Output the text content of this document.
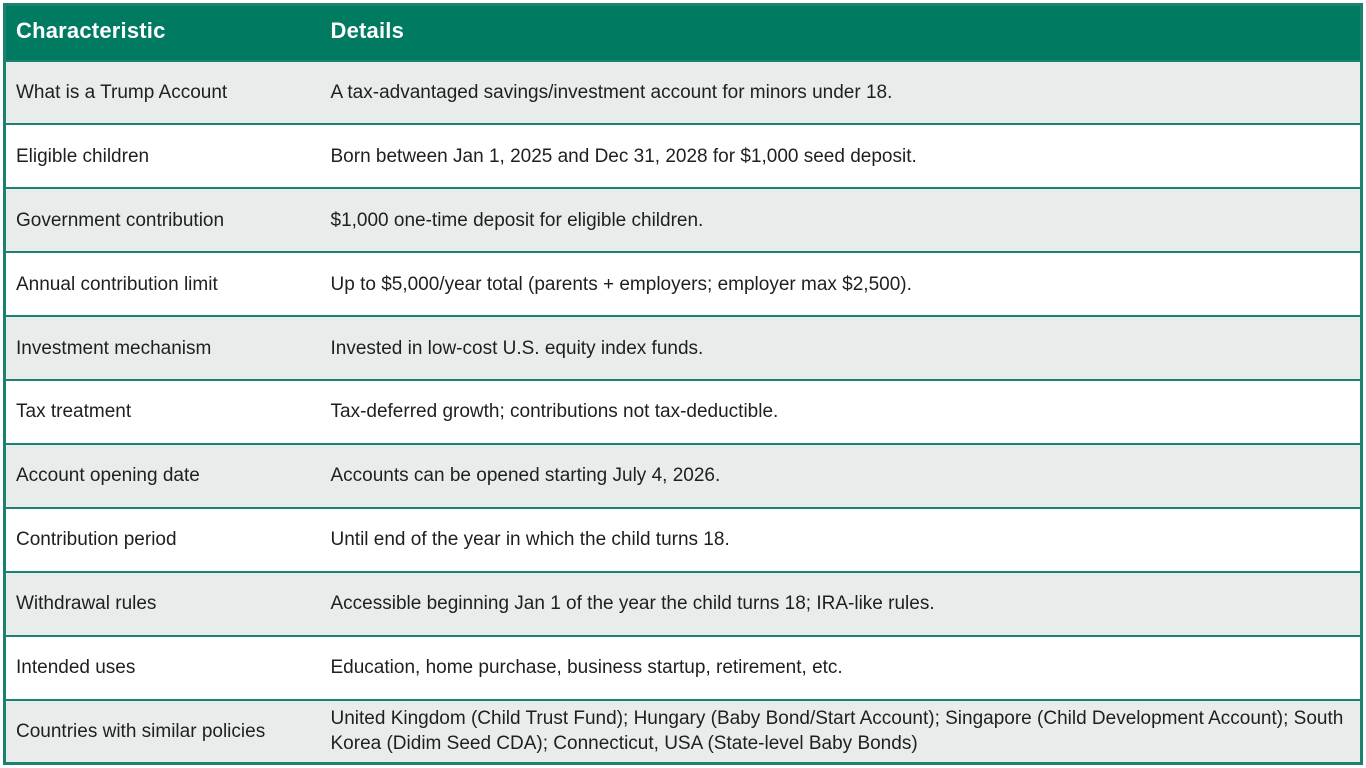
Characteristic	Details
What is a Trump Account	A tax-advantaged savings/investment account for minors under 18.
Eligible children	Born between Jan 1, 2025 and Dec 31, 2028 for $1,000 seed deposit.
Government contribution	$1,000 one-time deposit for eligible children.
Annual contribution limit	Up to $5,000/year total (parents + employers; employer max $2,500).
Investment mechanism	Invested in low-cost U.S. equity index funds.
Tax treatment	Tax-deferred growth; contributions not tax-deductible.
Account opening date	Accounts can be opened starting July 4, 2026.
Contribution period	Until end of the year in which the child turns 18.
Withdrawal rules	Accessible beginning Jan 1 of the year the child turns 18; IRA-like rules.
Intended uses	Education, home purchase, business startup, retirement, etc.
Countries with similar policies	United Kingdom (Child Trust Fund); Hungary (Baby Bond/Start Account); Singapore (Child Development Account); South Korea (Didim Seed CDA); Connecticut, USA (State-level Baby Bonds)
